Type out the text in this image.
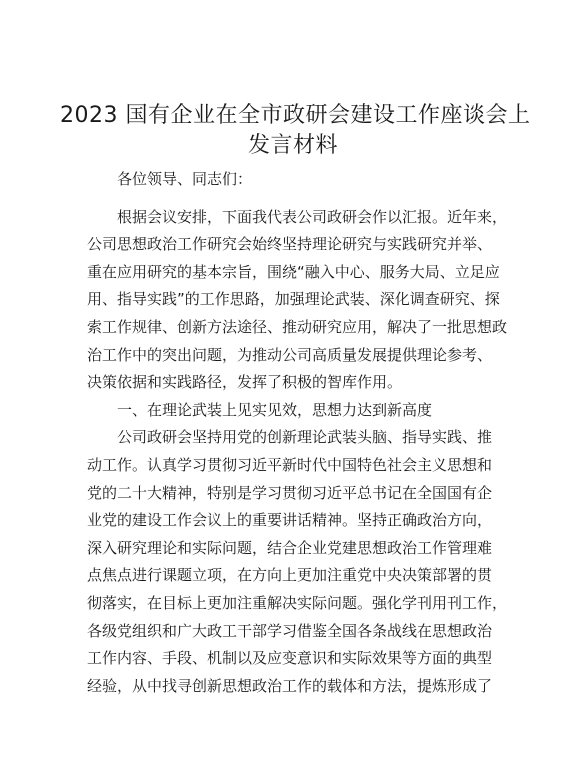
2023 国有企业在全市政研会建设工作座谈会上
发言材料
各位领导、同志们：
根据会议安排，下面我代表公司政研会作以汇报。近年来，
公司思想政治工作研究会始终坚持理论研究与实践研究并举、
重在应用研究的基本宗旨，围绕“融入中心、服务大局、立足应
用、指导实践”的工作思路，加强理论武装、深化调查研究、探
索工作规律、创新方法途径、推动研究应用，解决了一批思想政
治工作中的突出问题，为推动公司高质量发展提供理论参考、
决策依据和实践路径，发挥了积极的智库作用。
一、在理论武装上见实见效，思想力达到新高度
公司政研会坚持用党的创新理论武装头脑、指导实践、推
动工作。认真学习贯彻习近平新时代中国特色社会主义思想和
党的二十大精神，特别是学习贯彻习近平总书记在全国国有企
业党的建设工作会议上的重要讲话精神。坚持正确政治方向，
深入研究理论和实际问题，结合企业党建思想政治工作管理难
点焦点进行课题立项，在方向上更加注重党中央决策部署的贯
彻落实，在目标上更加注重解决实际问题。强化学刊用刊工作，
各级党组织和广大政工干部学习借鉴全国各条战线在思想政治
工作内容、手段、机制以及应变意识和实际效果等方面的典型
经验，从中找寻创新思想政治工作的载体和方法，提炼形成了
